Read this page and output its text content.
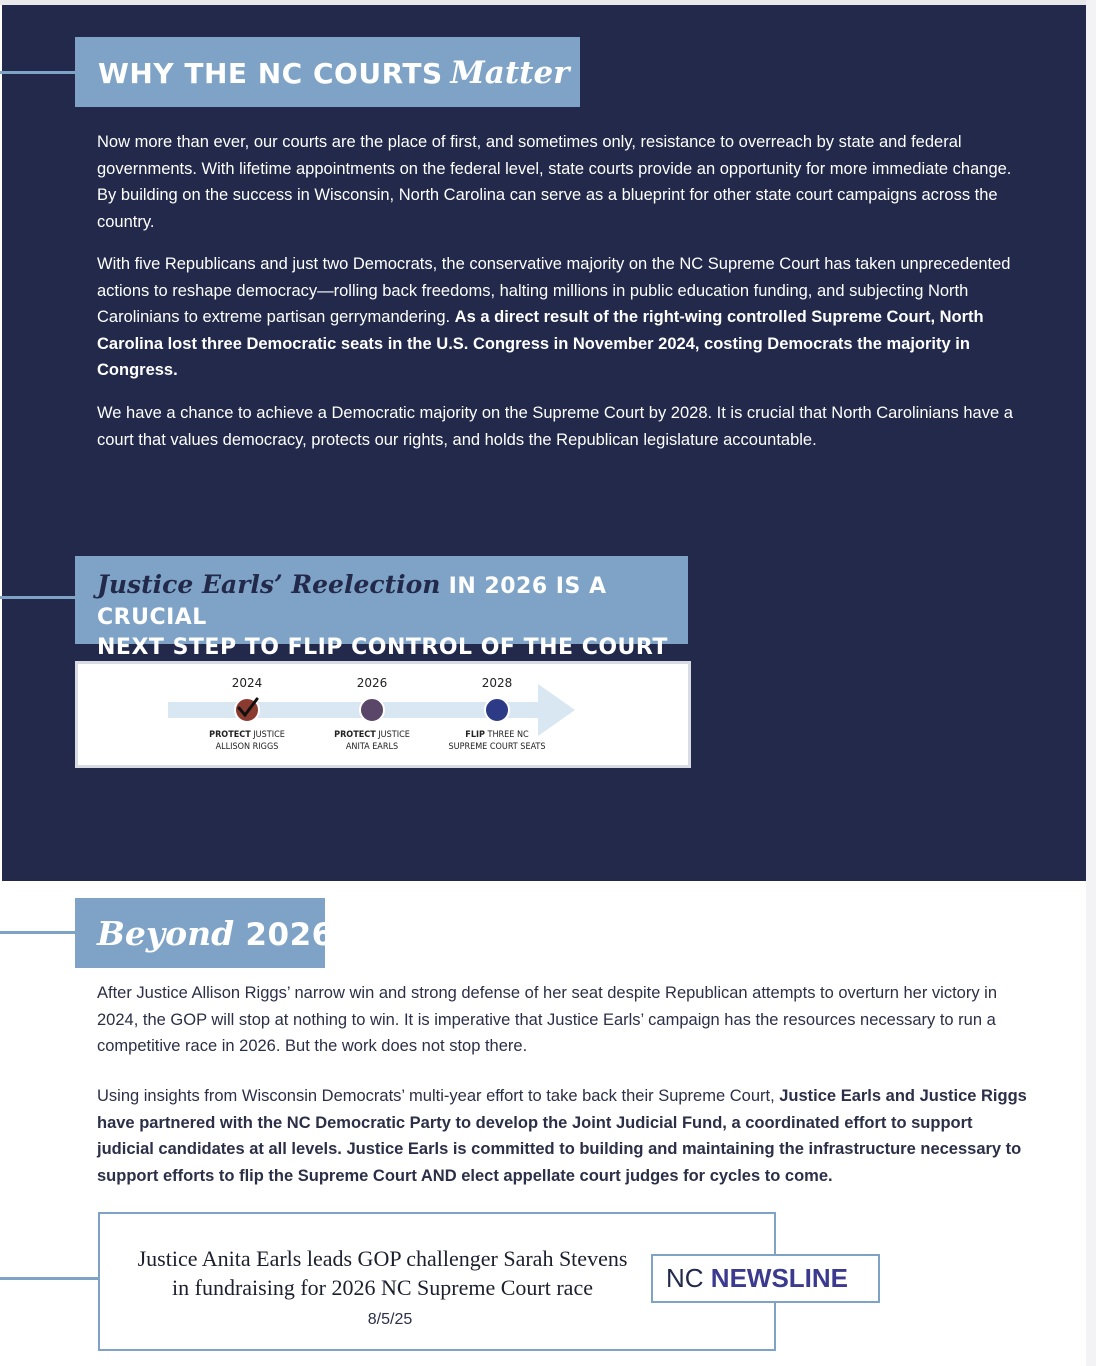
WHY THE NC COURTS Matter

Now more than ever, our courts are the place of first, and sometimes only, resistance to overreach by state and federal governments. With lifetime appointments on the federal level, state courts provide an opportunity for more immediate change. By building on the success in Wisconsin, North Carolina can serve as a blueprint for other state court campaigns across the country.

With five Republicans and just two Democrats, the conservative majority on the NC Supreme Court has taken unprecedented actions to reshape democracy—rolling back freedoms, halting millions in public education funding, and subjecting North Carolinians to extreme partisan gerrymandering. As a direct result of the right-wing controlled Supreme Court, North Carolina lost three Democratic seats in the U.S. Congress in November 2024, costing Democrats the majority in Congress.

We have a chance to achieve a Democratic majority on the Supreme Court by 2028. It is crucial that North Carolinians have a court that values democracy, protects our rights, and holds the Republican legislature accountable.

Justice Earls’ Reelection IN 2026 IS A CRUCIAL
NEXT STEP TO FLIP CONTROL OF THE COURT
2024
PROTECT JUSTICE
ALLISON RIGGS
2026
PROTECT JUSTICE
ANITA EARLS
2028
FLIP THREE NC
SUPREME COURT SEATS
Beyond 2026

After Justice Allison Riggs’ narrow win and strong defense of her seat despite Republican attempts to overturn her victory in 2024, the GOP will stop at nothing to win. It is imperative that Justice Earls’ campaign has the resources necessary to run a competitive race in 2026. But the work does not stop there.

Using insights from Wisconsin Democrats’ multi-year effort to take back their Supreme Court, Justice Earls and Justice Riggs have partnered with the NC Democratic Party to develop the Joint Judicial Fund, a coordinated effort to support judicial candidates at all levels. Justice Earls is committed to building and maintaining the infrastructure necessary to support efforts to flip the Supreme Court AND elect appellate court judges for cycles to come.

Justice Anita Earls leads GOP challenger Sarah Stevens
in fundraising for 2026 NC Supreme Court race
8/5/25
NC NEWSLINE
